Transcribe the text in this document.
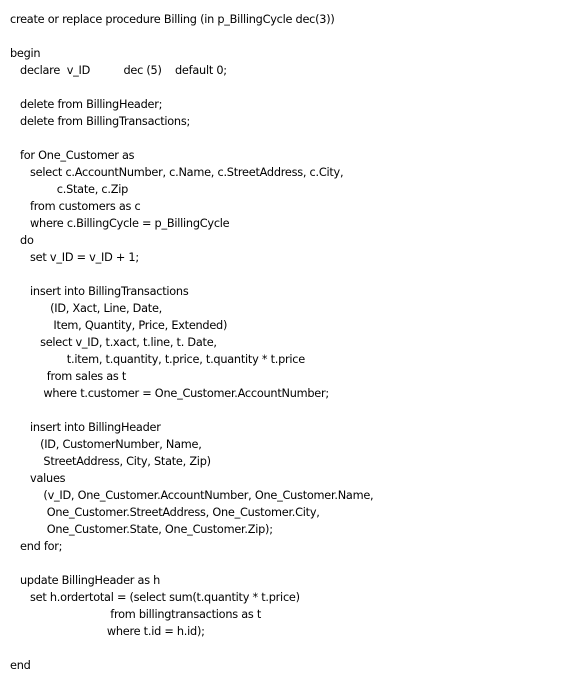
create or replace procedure Billing (in p_BillingCycle dec(3))
begin
declare  v_ID          dec (5)    default 0;
delete from BillingHeader;
delete from BillingTransactions;
for One_Customer as
select c.AccountNumber, c.Name, c.StreetAddress, c.City,
c.State, c.Zip
from customers as c
where c.BillingCycle = p_BillingCycle
do
set v_ID = v_ID + 1;
insert into BillingTransactions
(ID, Xact, Line, Date,
Item, Quantity, Price, Extended)
select v_ID, t.xact, t.line, t. Date,
t.item, t.quantity, t.price, t.quantity * t.price
from sales as t
where t.customer = One_Customer.AccountNumber;
insert into BillingHeader
(ID, CustomerNumber, Name,
StreetAddress, City, State, Zip)
values
(v_ID, One_Customer.AccountNumber, One_Customer.Name,
One_Customer.StreetAddress, One_Customer.City,
One_Customer.State, One_Customer.Zip);
end for;
update BillingHeader as h
set h.ordertotal = (select sum(t.quantity * t.price)
from billingtransactions as t
where t.id = h.id);
end
